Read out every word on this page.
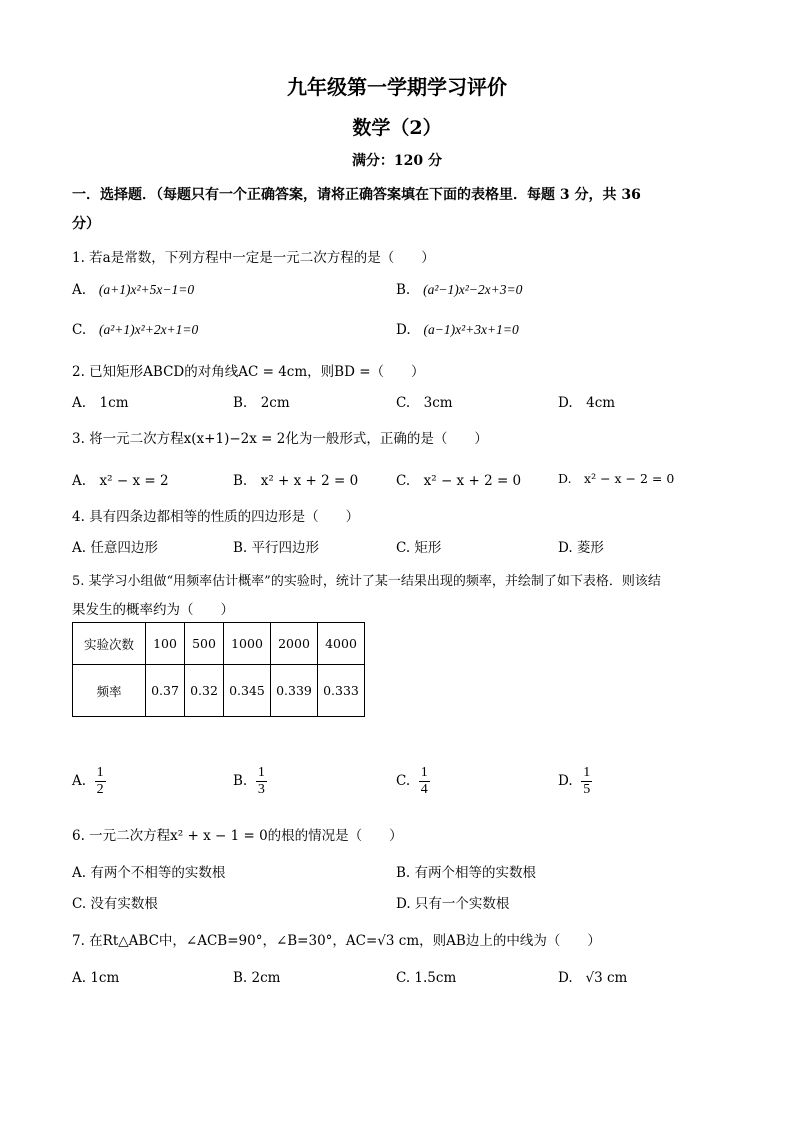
九年级第一学期学习评价
数学（2）
满分：120 分
一．选择题．（每题只有一个正确答案，请将正确答案填在下面的表格里．每题 3 分，共 36
分）
1. 若a是常数，下列方程中一定是一元二次方程的是（　　）
A. (a+1)x²+5x−1=0	B. (a²−1)x²−2x+3=0
C. (a²+1)x²+2x+1=0	D. (a−1)x²+3x+1=0
2. 已知矩形ABCD的对角线AC = 4cm，则BD =（　　）
A.　1cm	B.　2cm	C.　3cm	D.　4cm
3. 将一元二次方程x(x+1)−2x = 2化为一般形式，正确的是（　　）
A.　x² − x = 2	B.　x² + x + 2 = 0	C.　x² − x + 2 = 0	D.　x² − x − 2 = 0
4. 具有四条边都相等的性质的四边形是（　　）
A. 任意四边形	B. 平行四边形	C. 矩形	D. 菱形
5. 某学习小组做“用频率估计概率”的实验时，统计了某一结果出现的频率，并绘制了如下表格．则该结
果发生的概率约为（　　）
实验次数	100	500	1000	2000	4000
频率	0.37	0.32	0.345	0.339	0.333
A. $\frac{1}{2}$	B. $\frac{1}{3}$	C. $\frac{1}{4}$	D. $\frac{1}{5}$
6. 一元二次方程x² + x − 1 = 0的根的情况是（　　）
A. 有两个不相等的实数根	B. 有两个相等的实数根
C. 没有实数根	D. 只有一个实数根
7. 在Rt△ABC中，∠ACB=90°，∠B=30°，AC=√3 cm，则AB边上的中线为（　　）
A. 1cm	B. 2cm	C. 1.5cm	D. √3 cm
